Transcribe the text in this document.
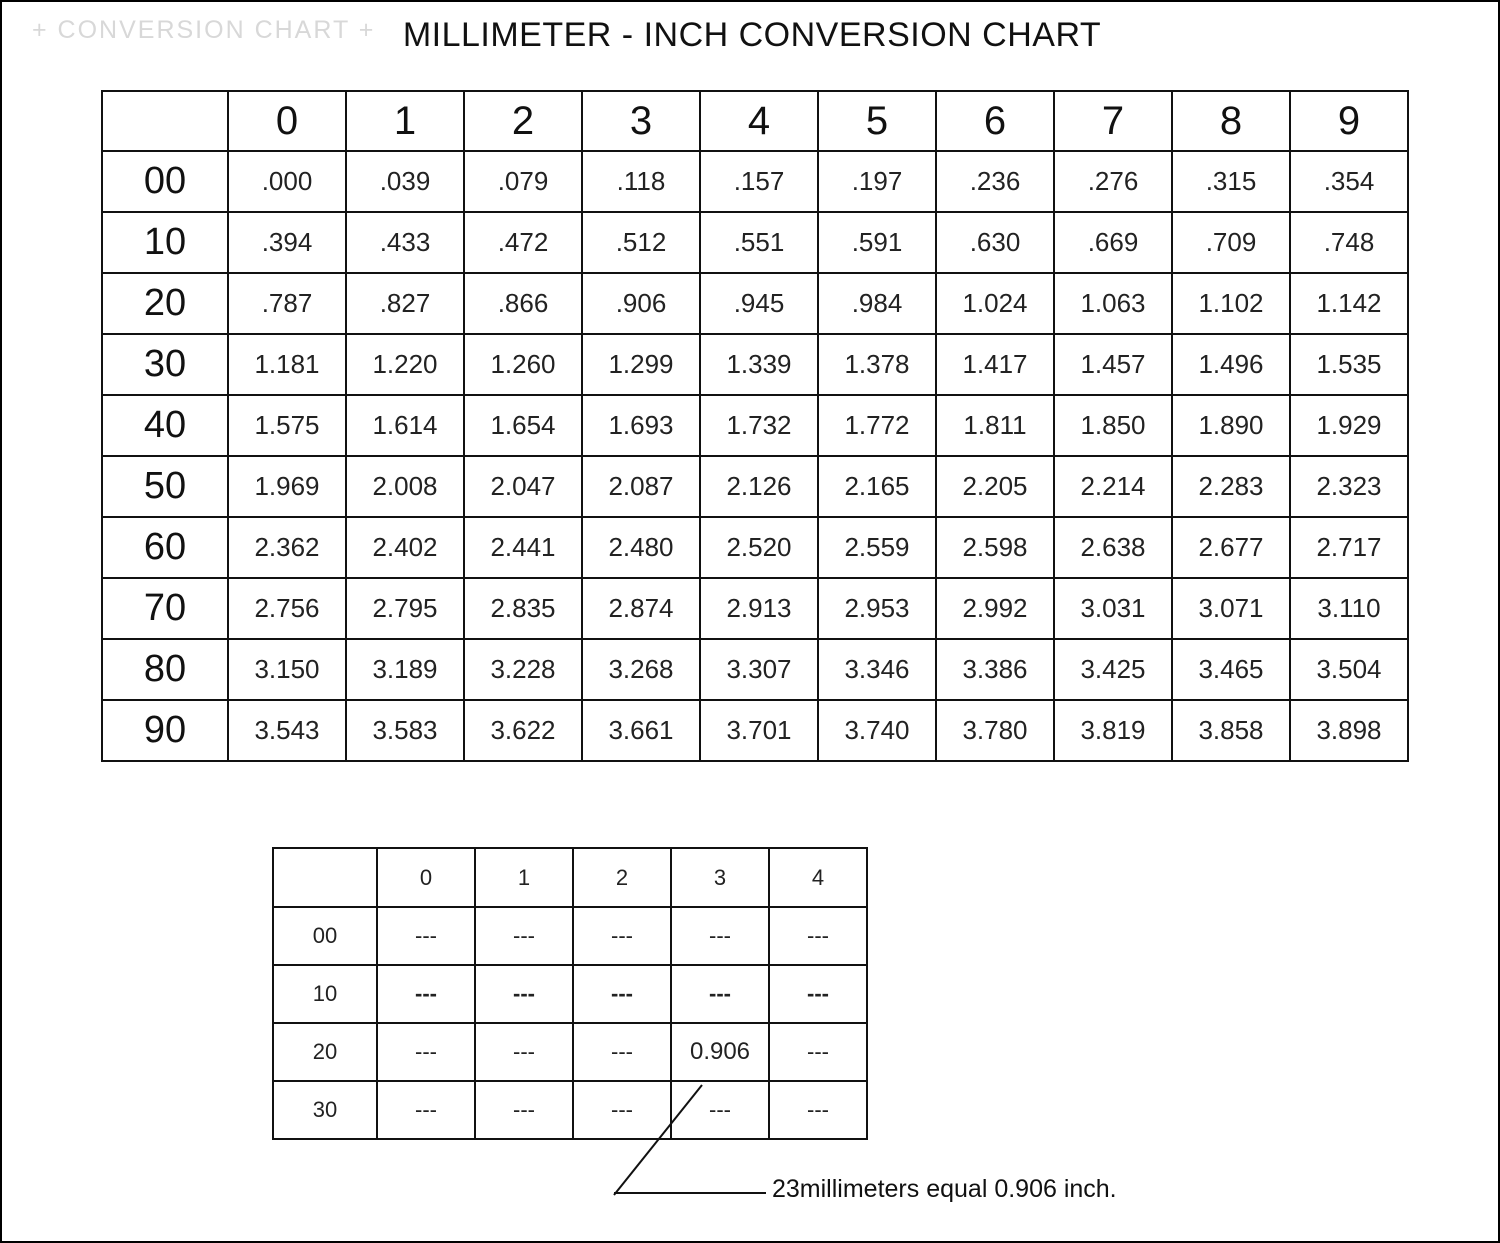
+ CONVERSION CHART + MILLIMETER - INCH CONVERSION CHART
	0	1	2	3	4	5	6	7	8	9
00	.000	.039	.079	.118	.157	.197	.236	.276	.315	.354
10	.394	.433	.472	.512	.551	.591	.630	.669	.709	.748
20	.787	.827	.866	.906	.945	.984	1.024	1.063	1.102	1.142
30	1.181	1.220	1.260	1.299	1.339	1.378	1.417	1.457	1.496	1.535
40	1.575	1.614	1.654	1.693	1.732	1.772	1.811	1.850	1.890	1.929
50	1.969	2.008	2.047	2.087	2.126	2.165	2.205	2.214	2.283	2.323
60	2.362	2.402	2.441	2.480	2.520	2.559	2.598	2.638	2.677	2.717
70	2.756	2.795	2.835	2.874	2.913	2.953	2.992	3.031	3.071	3.110
80	3.150	3.189	3.228	3.268	3.307	3.346	3.386	3.425	3.465	3.504
90	3.543	3.583	3.622	3.661	3.701	3.740	3.780	3.819	3.858	3.898
	0	1	2	3	4
00	---	---	---	---	---
10	---	---	---	---	---
20	---	---	---	0.906	---
30	---	---	---	---	---
23millimeters equal 0.906 inch.
